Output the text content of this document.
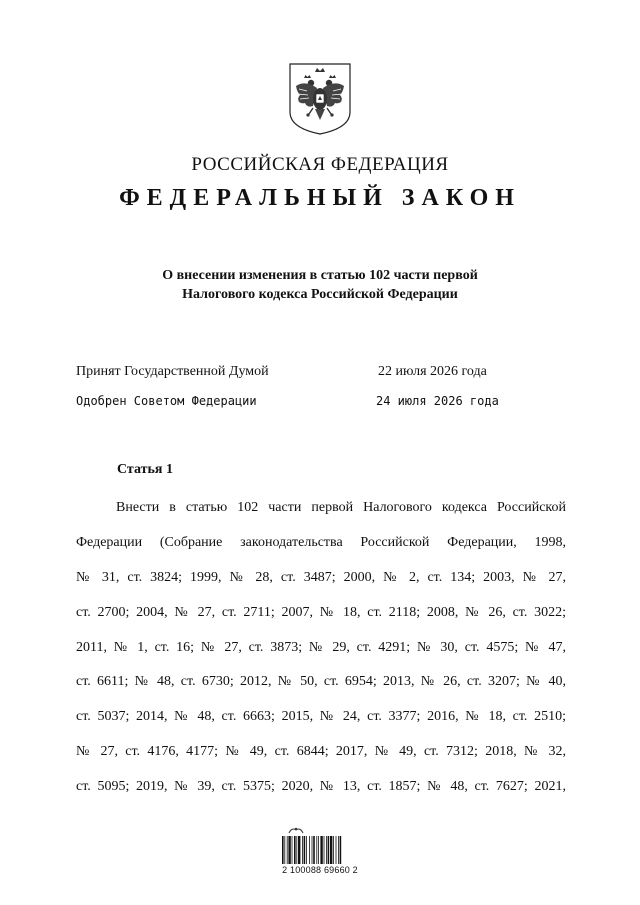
РОССИЙСКАЯ ФЕДЕРАЦИЯ
ФЕДЕРАЛЬНЫЙ ЗАКОН
О внесении изменения в статью 102 части первой
Налогового кодекса Российской Федерации
Принят Государственной Думой	22 июля 2026 года
Одобрен Советом Федерации	24 июля 2026 года
Статья 1
Внести в статью 102 части первой Налогового кодекса Российской
Федерации (Собрание законодательства Российской Федерации, 1998,
№ 31, ст. 3824; 1999, № 28, ст. 3487; 2000, № 2, ст. 134; 2003, № 27,
ст. 2700; 2004, № 27, ст. 2711; 2007, № 18, ст. 2118; 2008, № 26, ст. 3022;
2011, № 1, ст. 16; № 27, ст. 3873; № 29, ст. 4291; № 30, ст. 4575; № 47,
ст. 6611; № 48, ст. 6730; 2012, № 50, ст. 6954; 2013, № 26, ст. 3207; № 40,
ст. 5037; 2014, № 48, ст. 6663; 2015, № 24, ст. 3377; 2016, № 18, ст. 2510;
№ 27, ст. 4176, 4177; № 49, ст. 6844; 2017, № 49, ст. 7312; 2018, № 32,
ст. 5095; 2019, № 39, ст. 5375; 2020, № 13, ст. 1857; № 48, ст. 7627; 2021,
2 100088 69660 2
